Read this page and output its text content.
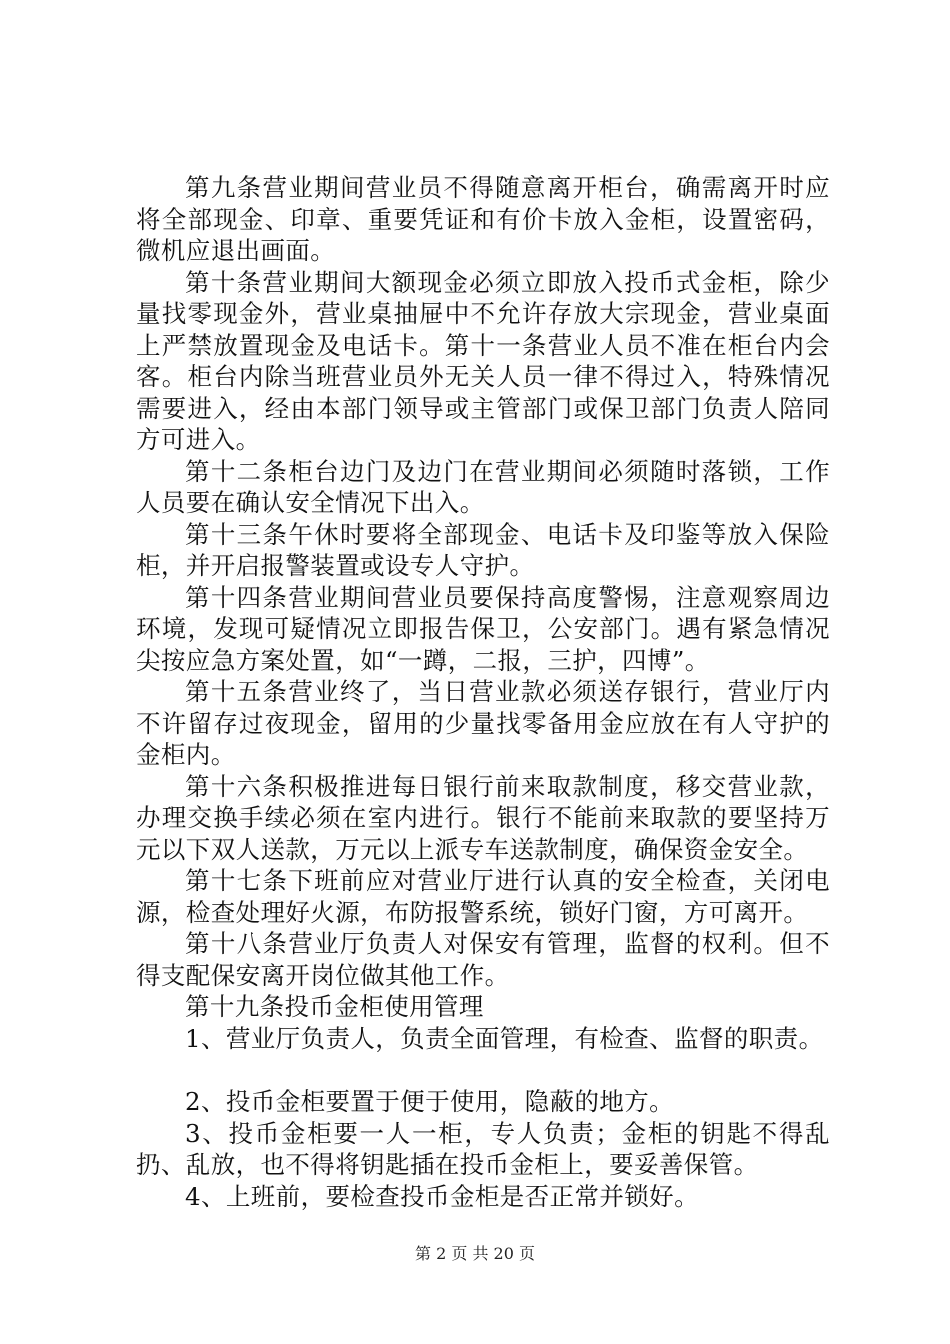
第九条营业期间营业员不得随意离开柜台，确需离开时应将全部现金、印章、重要凭证和有价卡放入金柜，设置密码，微机应退出画面。

第十条营业期间大额现金必须立即放入投币式金柜，除少量找零现金外，营业桌抽屉中不允许存放大宗现金，营业桌面上严禁放置现金及电话卡。第十一条营业人员不准在柜台内会客。柜台内除当班营业员外无关人员一律不得过入，特殊情况需要进入，经由本部门领导或主管部门或保卫部门负责人陪同方可进入。

第十二条柜台边门及边门在营业期间必须随时落锁，工作人员要在确认安全情况下出入。

第十三条午休时要将全部现金、电话卡及印鉴等放入保险柜，并开启报警装置或设专人守护。

第十四条营业期间营业员要保持高度警惕，注意观察周边环境，发现可疑情况立即报告保卫，公安部门。遇有紧急情况尖按应急方案处置，如“一蹲，二报，三护，四博”。

第十五条营业终了，当日营业款必须送存银行，营业厅内不许留存过夜现金，留用的少量找零备用金应放在有人守护的金柜内。

第十六条积极推进每日银行前来取款制度，移交营业款，办理交换手续必须在室内进行。银行不能前来取款的要坚持万元以下双人送款，万元以上派专车送款制度，确保资金安全。

第十七条下班前应对营业厅进行认真的安全检查，关闭电源，检查处理好火源，布防报警系统，锁好门窗，方可离开。

第十八条营业厅负责人对保安有管理，监督的权利。但不得支配保安离开岗位做其他工作。

第十九条投币金柜使用管理

1、营业厅负责人，负责全面管理，有检查、监督的职责。

2、投币金柜要置于便于使用，隐蔽的地方。

3、投币金柜要一人一柜，专人负责；金柜的钥匙不得乱扔、乱放，也不得将钥匙插在投币金柜上，要妥善保管。

4、上班前，要检查投币金柜是否正常并锁好。

第 2 页 共 20 页
